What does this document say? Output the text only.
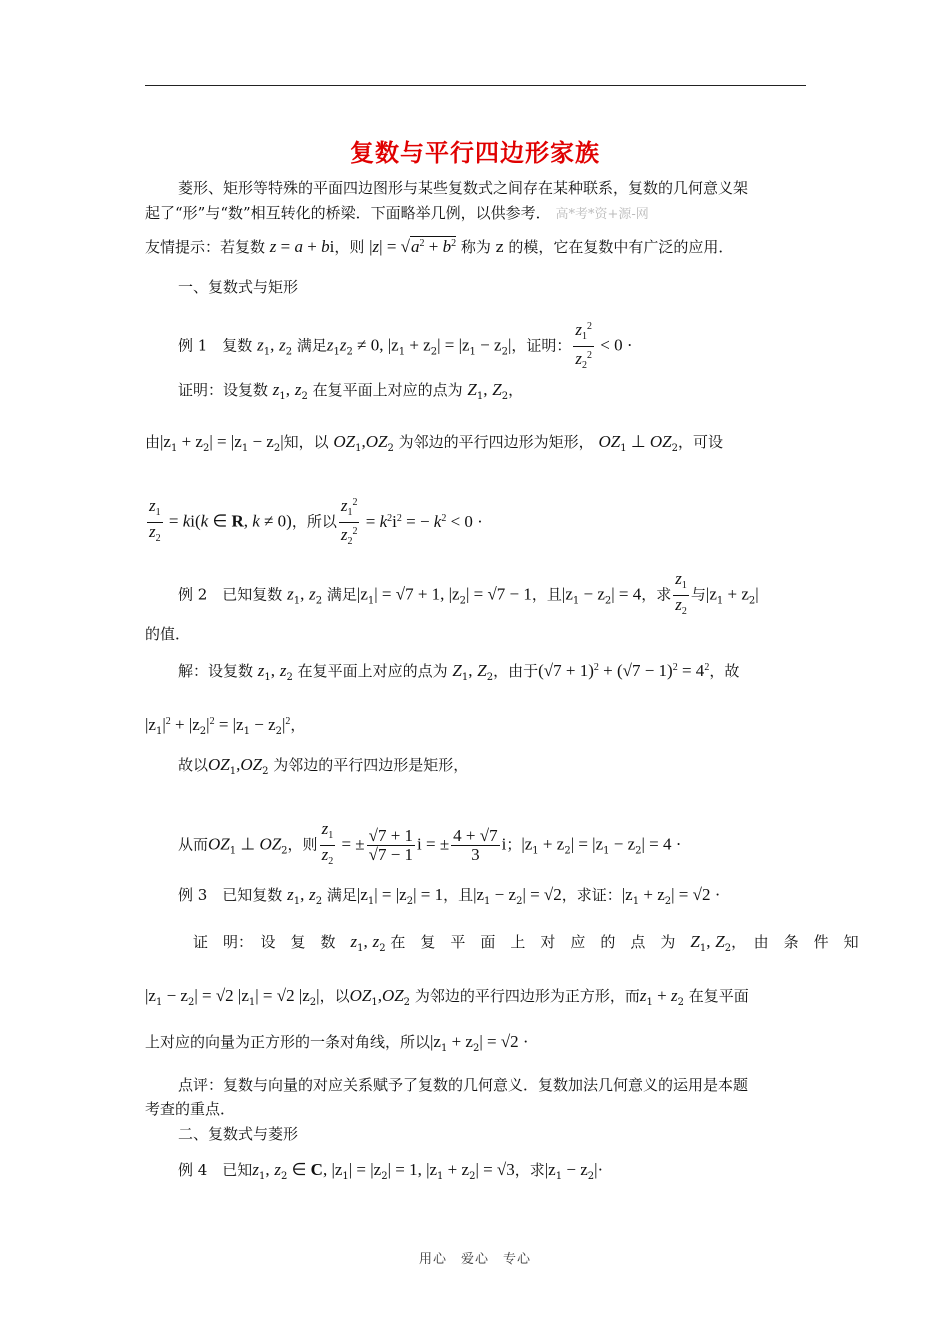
复数与平行四边形家族
菱形、矩形等特殊的平面四边图形与某些复数式之间存在某种联系，复数的几何意义架
起了“形”与“数”相互转化的桥梁．下面略举几例，以供参考． 高*考*资+源-网
友情提示：若复数 z = a + bi，则 $|z| = √a^2 + b^2$ 称为 z 的模，它在复数中有广泛的应用．
一、复数式与矩形
例 1　复数 $z_1$, $z_2$ 满足$z_1z_2 \ne 0$, $|z_1 + z_2| = |z_1 - z_2|$，证明： $\frac{z_1^2}{z_2^2} < 0$ ·
证明：设复数 $z_1$, $z_2$ 在复平面上对应的点为 $Z_1$, $Z_2$，
由$|z_1 + z_2| = |z_1 - z_2|$知，以 $OZ_1,OZ_2$ 为邻边的平行四边形为矩形， $OZ_1$ ⊥ $OZ_2$，可设
$\frac{z_1}{z_2} = ki(k$ ∈ R, k ≠ 0)，所以 $\frac{z_1^2}{z_2^2} = k^2i^2$ = − $k^2 < 0$ ·
例 2　已知复数 $z_1$, $z_2$ 满足$|z_1| = √7 + 1$, $|z_2| = √7 - 1$，且$|z_1 - z_2| = 4$，求 $\frac{z_1}{z_2}$ 与$|z_1 + z_2|$
的值．
解：设复数 $z_1$, $z_2$ 在复平面上对应的点为 $Z_1$, $Z_2$，由于$(√7 + 1)^2 + (√7 - 1)^2 = 4^2$，故
$|z_1|^2 + |z_2|^2 = |z_1 - z_2|^2$，
故以$OZ_1,OZ_2$ 为邻边的平行四边形是矩形，
从而$OZ_1$ ⊥ $OZ_2$，则 $\frac{z_1}{z_2}$ = ± $\frac{√7 + 1}{√7 - 1}$ i = ± $\frac{4 + √7}{3}$ i；$|z_1 + z_2| = |z_1 - z_2| = 4$ ·
例 3　已知复数 $z_1$, $z_2$ 满足$|z_1| = |z_2| = 1$，且$|z_1 - z_2| = √2$，求证：$|z_1 + z_2| = √2$ ·
证　明：　设　复　数　 $z_1$, $z_2$ 在　复　平　面　上　对　应　的　点　为　 $Z_1$, $Z_2$，　由　条　件　知
$|z_1 - z_2| = √2$ $|z_1| = √2$ $|z_2|$，以$OZ_1,OZ_2$ 为邻边的平行四边形为正方形，而$z_1 + z_2$ 在复平面
上对应的向量为正方形的一条对角线，所以$|z_1 + z_2| = √2$ ·
点评：复数与向量的对应关系赋予了复数的几何意义．复数加法几何意义的运用是本题
考查的重点．
二、复数式与菱形
例 4　已知$z_1$, $z_2$ ∈ C, $|z_1| = |z_2| = 1$, $|z_1 + z_2| = √3$，求$|z_1 - z_2|\cdot$
用心　爱心　专心
